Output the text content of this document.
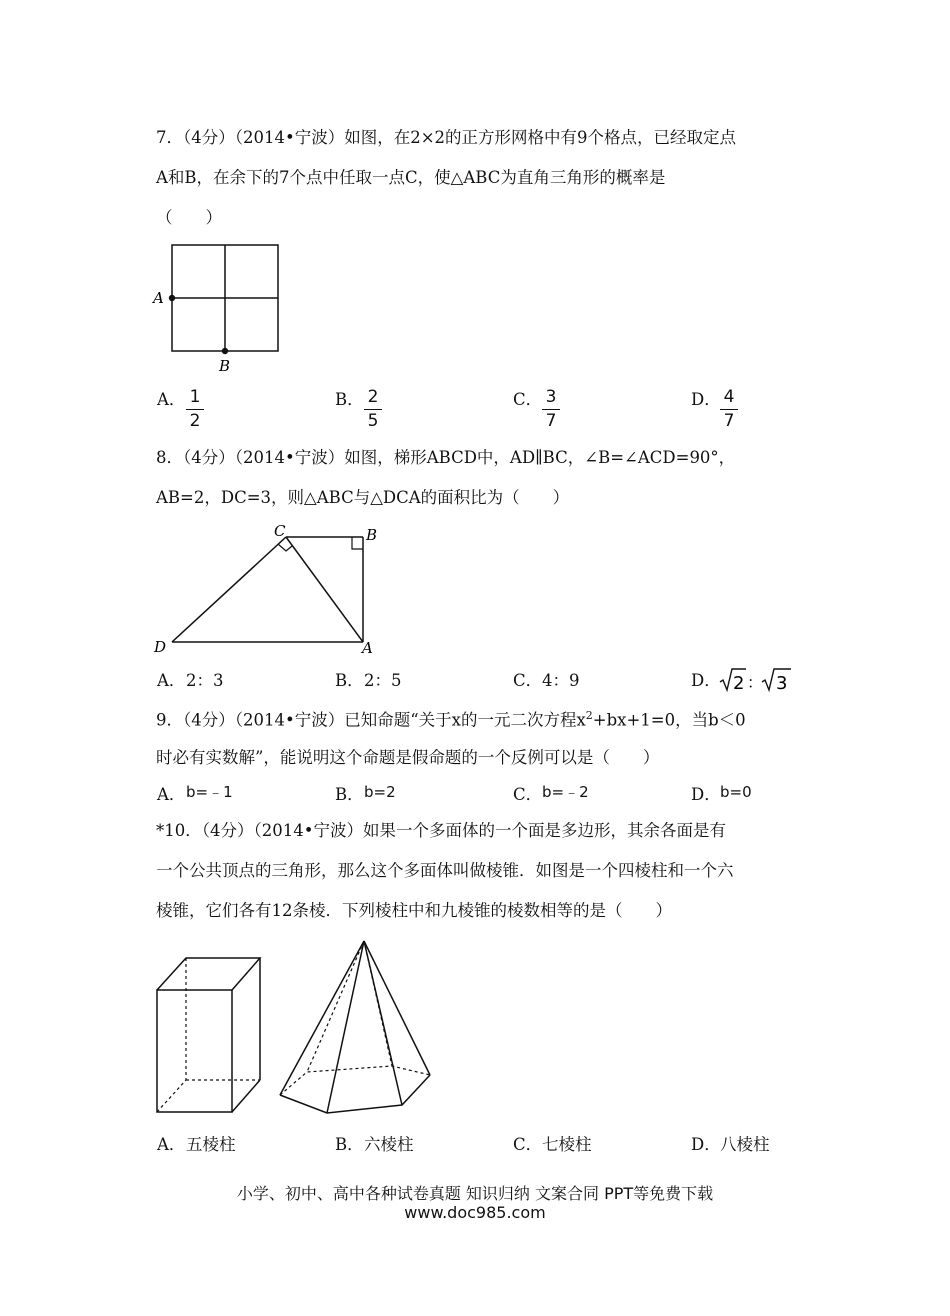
7．（4分）（2014•宁波）如图，在2×2的正方形网格中有9个格点，已经取定点
A和B，在余下的7个点中任取一点C，使△ABC为直角三角形的概率是
（　　）
A
B
A． $\frac{1}{2}$	B． $\frac{2}{5}$	C． $\frac{3}{7}$	D． $\frac{4}{7}$
8．（4分）（2014•宁波）如图，梯形ABCD中，AD∥BC，∠B=∠ACD=90°，
AB=2，DC=3，则△ABC与△DCA的面积比为（　　）
C	B
D	A
A． 2：3	B． 2：5	C． 4：9	D． 2 ： 3
9．（4分）（2014•宁波）已知命题“关于x的一元二次方程$x^2+bx+1=0$，当b＜0
时必有实数解”，能说明这个命题是假命题的一个反例可以是（　　）
A． b=﹣1	B． b=2	C． b=﹣2	D． b=0
*10．（4分）（2014•宁波）如果一个多面体的一个面是多边形，其余各面是有
一个公共顶点的三角形，那么这个多面体叫做棱锥．如图是一个四棱柱和一个六
棱锥，它们各有12条棱．下列棱柱中和九棱锥的棱数相等的是（　　）
A． 五棱柱	B． 六棱柱	C． 七棱柱	D． 八棱柱
小学、初中、高中各种试卷真题 知识归纳 文案合同 PPT等免费下载
www.doc985.com
